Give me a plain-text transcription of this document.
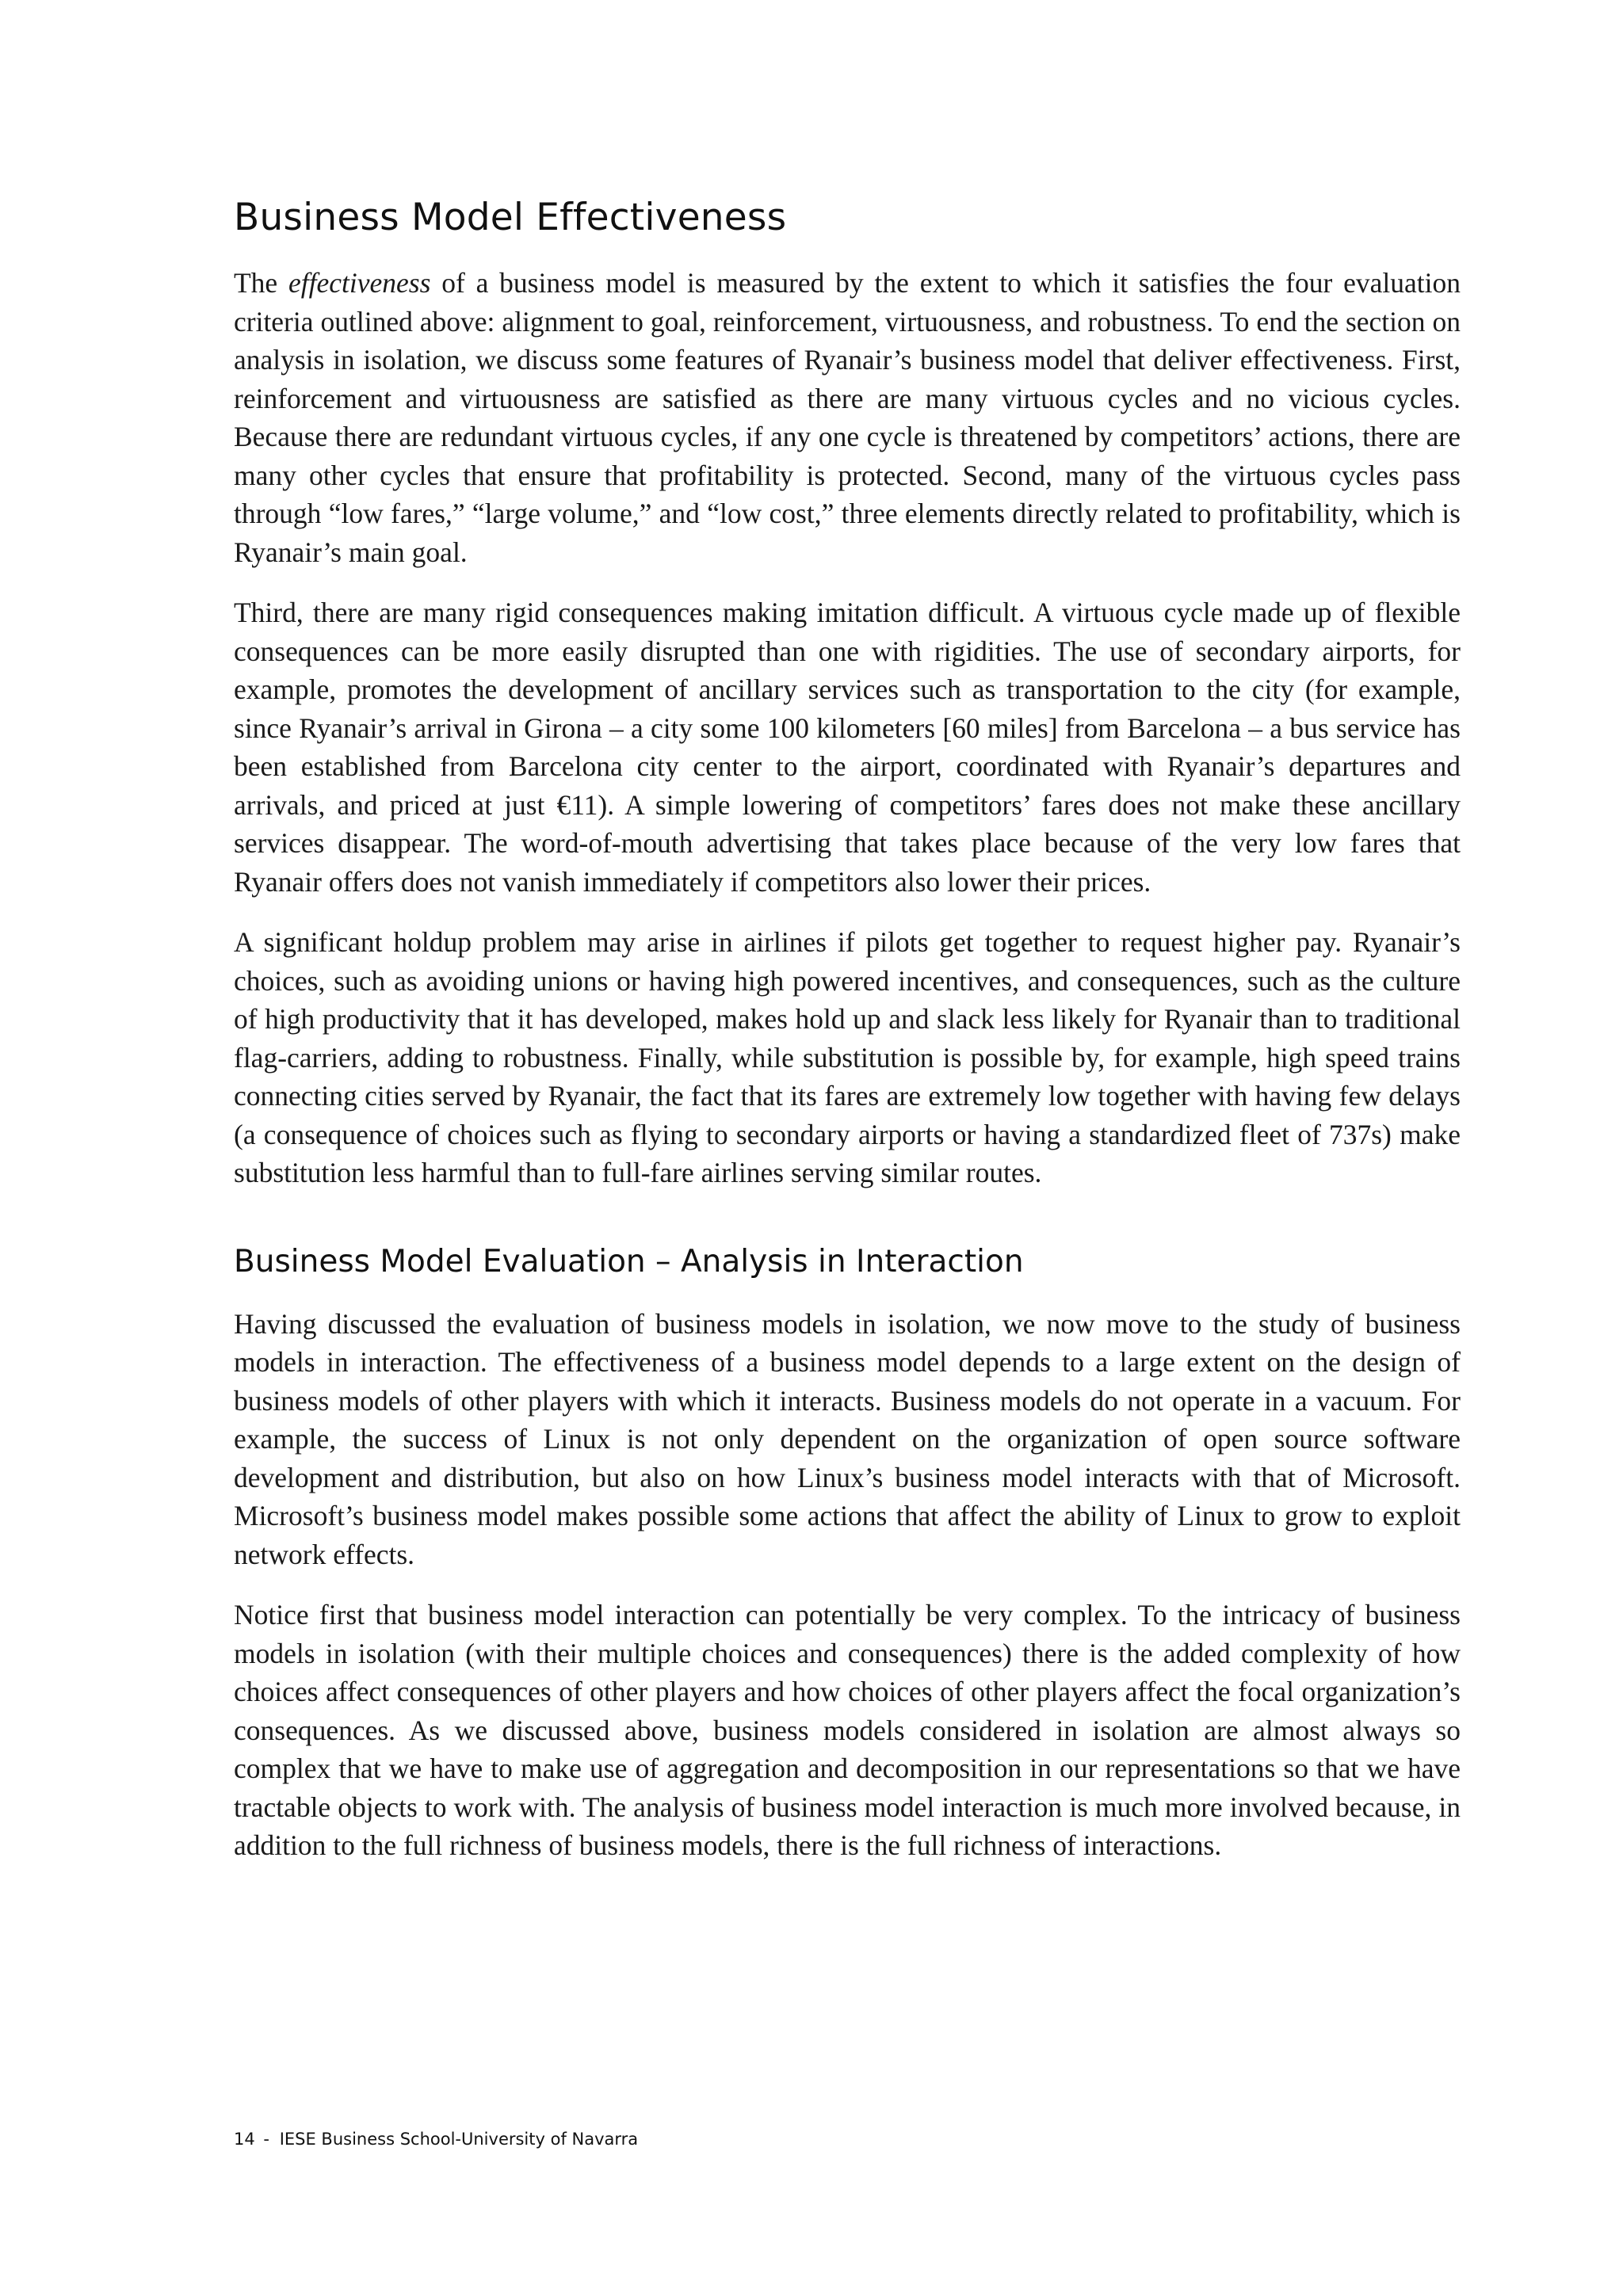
Business Model Effectiveness

The effectiveness of a business model is measured by the extent to which it satisfies the four evaluation criteria outlined above: alignment to goal, reinforcement, virtuousness, and robustness. To end the section on analysis in isolation, we discuss some features of Ryanair’s business model that deliver effectiveness. First, reinforcement and virtuousness are satisfied as there are many virtuous cycles and no vicious cycles. Because there are redundant virtuous cycles, if any one cycle is threatened by competitors’ actions, there are many other cycles that ensure that profitability is protected. Second, many of the virtuous cycles pass through “low fares,” “large volume,” and “low cost,” three elements directly related to profitability, which is Ryanair’s main goal.

Third, there are many rigid consequences making imitation difficult. A virtuous cycle made up of flexible consequences can be more easily disrupted than one with rigidities. The use of secondary airports, for example, promotes the development of ancillary services such as transportation to the city (for example, since Ryanair’s arrival in Girona – a city some 100 kilometers [60 miles] from Barcelona – a bus service has been established from Barcelona city center to the airport, coordinated with Ryanair’s departures and arrivals, and priced at just €11). A simple lowering of competitors’ fares does not make these ancillary services disappear. The word-of-mouth advertising that takes place because of the very low fares that Ryanair offers does not vanish immediately if competitors also lower their prices.

A significant holdup problem may arise in airlines if pilots get together to request higher pay. Ryanair’s choices, such as avoiding unions or having high powered incentives, and consequences, such as the culture of high productivity that it has developed, makes hold up and slack less likely for Ryanair than to traditional flag-carriers, adding to robustness. Finally, while substitution is possible by, for example, high speed trains connecting cities served by Ryanair, the fact that its fares are extremely low together with having few delays (a consequence of choices such as flying to secondary airports or having a standardized fleet of 737s) make substitution less harmful than to full-fare airlines serving similar routes.

Business Model Evaluation – Analysis in Interaction

Having discussed the evaluation of business models in isolation, we now move to the study of business models in interaction. The effectiveness of a business model depends to a large extent on the design of business models of other players with which it interacts. Business models do not operate in a vacuum. For example, the success of Linux is not only dependent on the organization of open source software development and distribution, but also on how Linux’s business model interacts with that of Microsoft. Microsoft’s business model makes possible some actions that affect the ability of Linux to grow to exploit network effects.

Notice first that business model interaction can potentially be very complex. To the intricacy of business models in isolation (with their multiple choices and consequences) there is the added complexity of how choices affect consequences of other players and how choices of other players affect the focal organization’s consequences. As we discussed above, business models considered in isolation are almost always so complex that we have to make use of aggregation and decomposition in our representations so that we have tractable objects to work with. The analysis of business model interaction is much more involved because, in addition to the full richness of business models, there is the full richness of interactions.

14 - IESE Business School-University of Navarra
